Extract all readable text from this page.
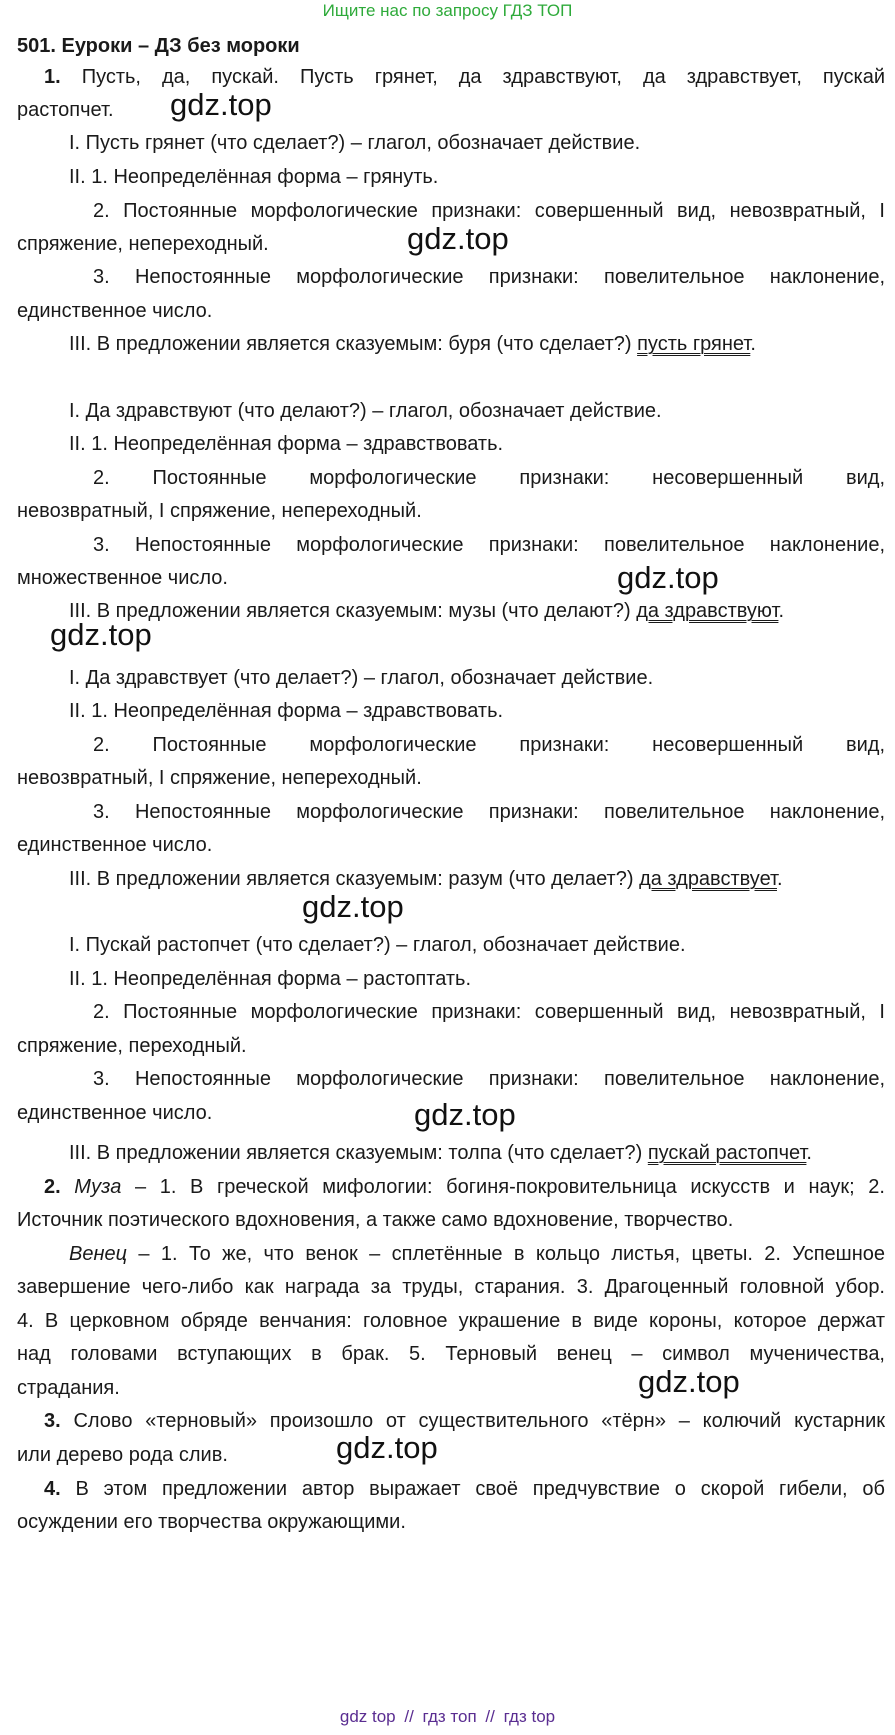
Ищите нас по запросу ГДЗ ТОП
501. Еуроки – ДЗ без мороки
1. Пусть, да, пускай. Пусть грянет, да здравствуют, да здравствует, пускай
растопчет.
I. Пусть грянет (что сделает?) – глагол, обозначает действие.
II. 1. Неопределённая форма – грянуть.
2. Постоянные морфологические признаки: совершенный вид, невозвратный, I
спряжение, непереходный.
3. Непостоянные морфологические признаки: повелительное наклонение,
единственное число.
III. В предложении является сказуемым: буря (что сделает?) пусть грянет.
I. Да здравствуют (что делают?) – глагол, обозначает действие.
II. 1. Неопределённая форма – здравствовать.
2. Постоянные морфологические признаки: несовершенный вид,
невозвратный, I спряжение, непереходный.
3. Непостоянные морфологические признаки: повелительное наклонение,
множественное число.
III. В предложении является сказуемым: музы (что делают?) да здравствуют.
I. Да здравствует (что делает?) – глагол, обозначает действие.
II. 1. Неопределённая форма – здравствовать.
2. Постоянные морфологические признаки: несовершенный вид,
невозвратный, I спряжение, непереходный.
3. Непостоянные морфологические признаки: повелительное наклонение,
единственное число.
III. В предложении является сказуемым: разум (что делает?) да здравствует.
I. Пускай растопчет (что сделает?) – глагол, обозначает действие.
II. 1. Неопределённая форма – растоптать.
2. Постоянные морфологические признаки: совершенный вид, невозвратный, I
спряжение, переходный.
3. Непостоянные морфологические признаки: повелительное наклонение,
единственное число.
III. В предложении является сказуемым: толпа (что сделает?) пускай растопчет.
2. Муза – 1. В греческой мифологии: богиня-покровительница искусств и наук; 2.
Источник поэтического вдохновения, а также само вдохновение, творчество.
Венец – 1. То же, что венок – сплетённые в кольцо листья, цветы. 2. Успешное
завершение чего-либо как награда за труды, старания. 3. Драгоценный головной убор.
4. В церковном обряде венчания: головное украшение в виде короны, которое держат
над головами вступающих в брак. 5. Терновый венец – символ мученичества,
страдания.
3. Слово «терновый» произошло от существительного «тёрн» – колючий кустарник
или дерево рода слив.
4. В этом предложении автор выражает своё предчувствие о скорой гибели, об
осуждении его творчества окружающими.
gdz.top
gdz.top
gdz.top
gdz.top
gdz.top
gdz.top
gdz.top
gdz.top
gdz top // гдз топ // гдз top
